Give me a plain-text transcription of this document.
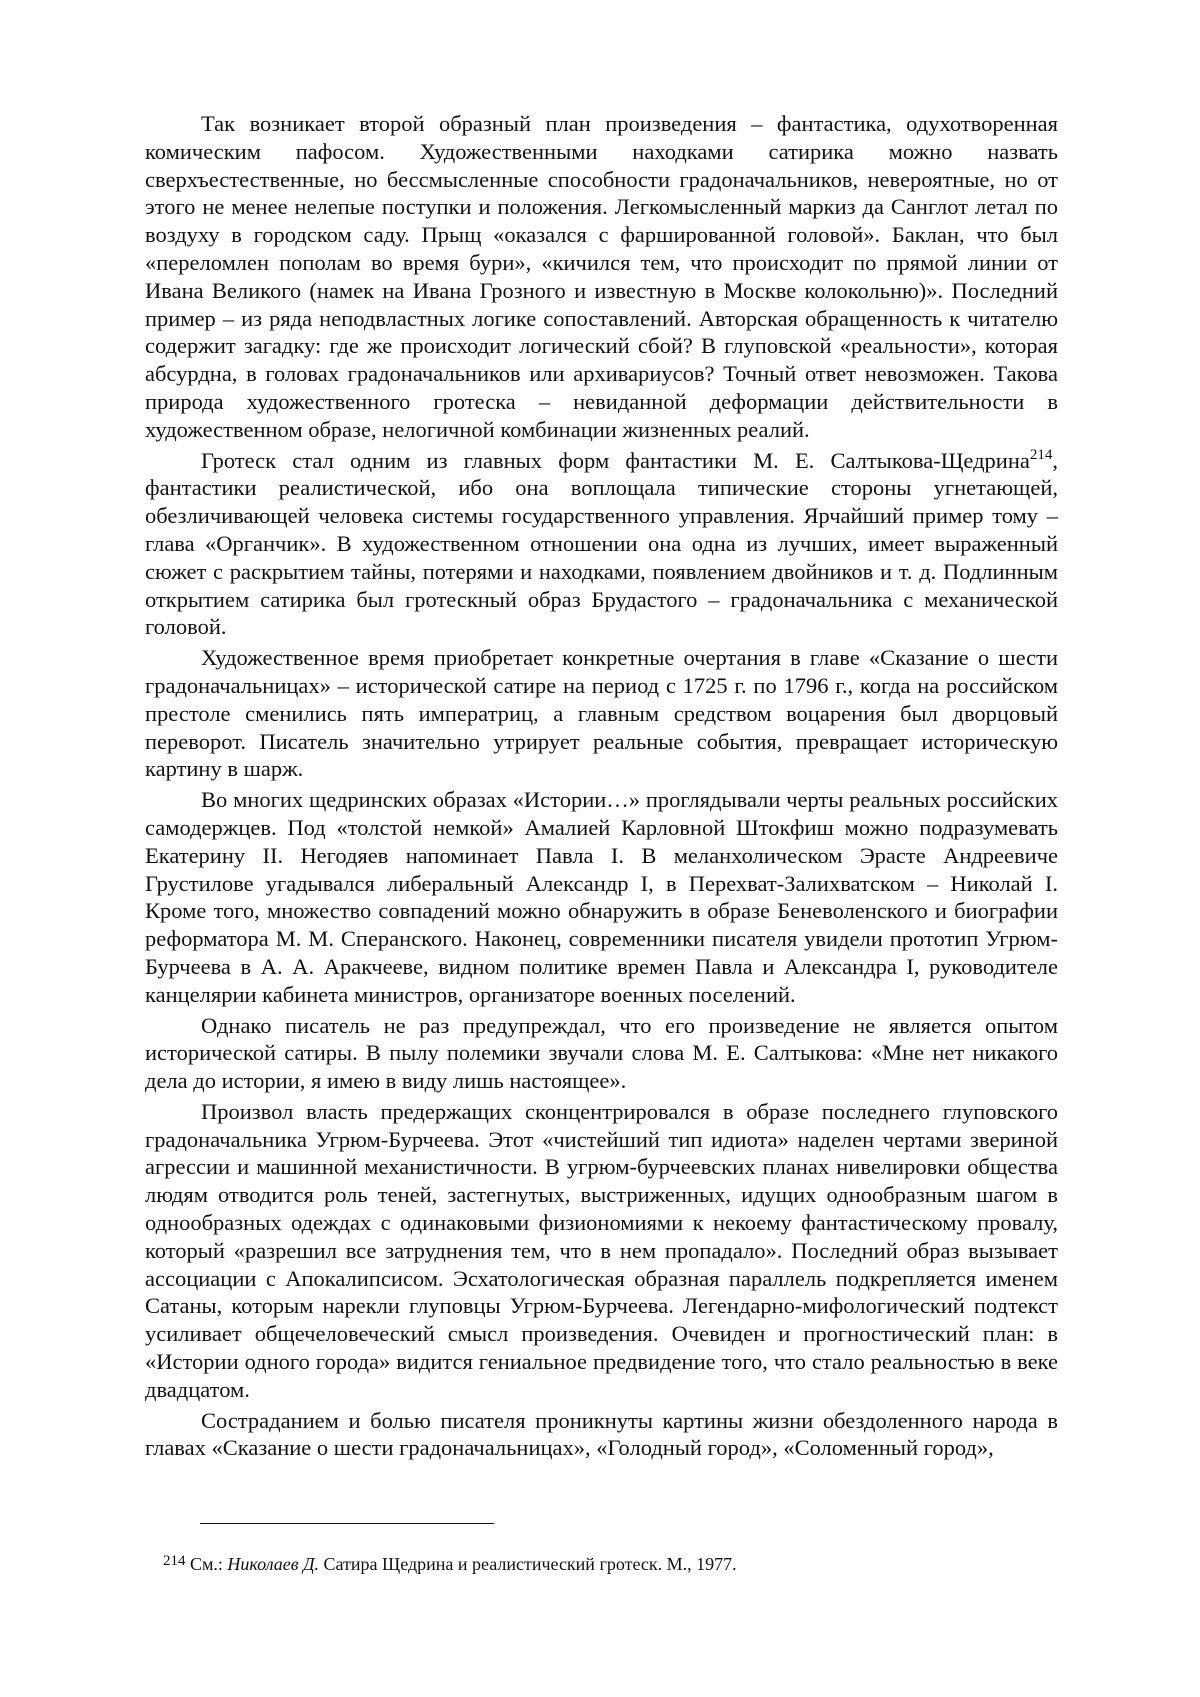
Так возникает второй образный план произведения – фантастика, одухотворенная комическим пафосом. Художественными находками сатирика можно назвать сверхъестественные, но бессмысленные способности градоначальников, невероятные, но от этого не менее нелепые поступки и положения. Легкомысленный маркиз да Санглот летал по воздуху в городском саду. Прыщ «оказался с фаршированной головой». Баклан, что был «переломлен пополам во время бури», «кичился тем, что происходит по прямой линии от Ивана Великого (намек на Ивана Грозного и известную в Москве колокольню)». Последний пример – из ряда неподвластных логике сопоставлений. Авторская обращенность к читателю содержит загадку: где же происходит логический сбой? В глуповской «реальности», которая абсурдна, в головах градоначальников или архивариусов? Точный ответ невозможен. Такова природа художественного гротеска – невиданной деформации действительности в художественном образе, нелогичной комбинации жизненных реалий.

Гротеск стал одним из главных форм фантастики М. Е. Салтыкова-Щедрина$^{214}$, фантастики реалистической, ибо она воплощала типические стороны угнетающей, обезличивающей человека системы государственного управления. Ярчайший пример тому – глава «Органчик». В художественном отношении она одна из лучших, имеет выраженный сюжет с раскрытием тайны, потерями и находками, появлением двойников и т. д. Подлинным открытием сатирика был гротескный образ Брудастого – градоначальника с механической головой.

Художественное время приобретает конкретные очертания в главе «Сказание о шести градоначальницах» – исторической сатире на период с 1725 г. по 1796 г., когда на российском престоле сменились пять императриц, а главным средством воцарения был дворцовый переворот. Писатель значительно утрирует реальные события, превращает историческую картину в шарж.

Во многих щедринских образах «Истории…» проглядывали черты реальных российских самодержцев. Под «толстой немкой» Амалией Карловной Штокфиш можно подразумевать Екатерину II. Негодяев напоминает Павла I. В меланхолическом Эрасте Андреевиче Грустилове угадывался либеральный Александр I, в Перехват-Залихватском – Николай I. Кроме того, множество совпадений можно обнаружить в образе Беневоленского и биографии реформатора М. М. Сперанского. Наконец, современники писателя увидели прототип Угрюм-Бурчеева в А. А. Аракчееве, видном политике времен Павла и Александра I, руководителе канцелярии кабинета министров, организаторе военных поселений.

Однако писатель не раз предупреждал, что его произведение не является опытом исторической сатиры. В пылу полемики звучали слова М. Е. Салтыкова: «Мне нет никакого дела до истории, я имею в виду лишь настоящее».

Произвол власть предержащих сконцентрировался в образе последнего глуповского градоначальника Угрюм-Бурчеева. Этот «чистейший тип идиота» наделен чертами звериной агрессии и машинной механистичности. В угрюм-бурчеевских планах нивелировки общества людям отводится роль теней, застегнутых, выстриженных, идущих однообразным шагом в однообразных одеждах с одинаковыми физиономиями к некоему фантастическому провалу, который «разрешил все затруднения тем, что в нем пропадало». Последний образ вызывает ассоциации с Апокалипсисом. Эсхатологическая образная параллель подкрепляется именем Сатаны, которым нарекли глуповцы Угрюм-Бурчеева. Легендарно-мифологический подтекст усиливает общечеловеческий смысл произведения. Очевиден и прогностический план: в «Истории одного города» видится гениальное предвидение того, что стало реальностью в веке двадцатом.

Состраданием и болью писателя проникнуты картины жизни обездоленного народа в главах «Сказание о шести градоначальницах», «Голодный город», «Соломенный город»,

$^{214}$ См.: Николаев Д. Сатира Щедрина и реалистический гротеск. М., 1977.
